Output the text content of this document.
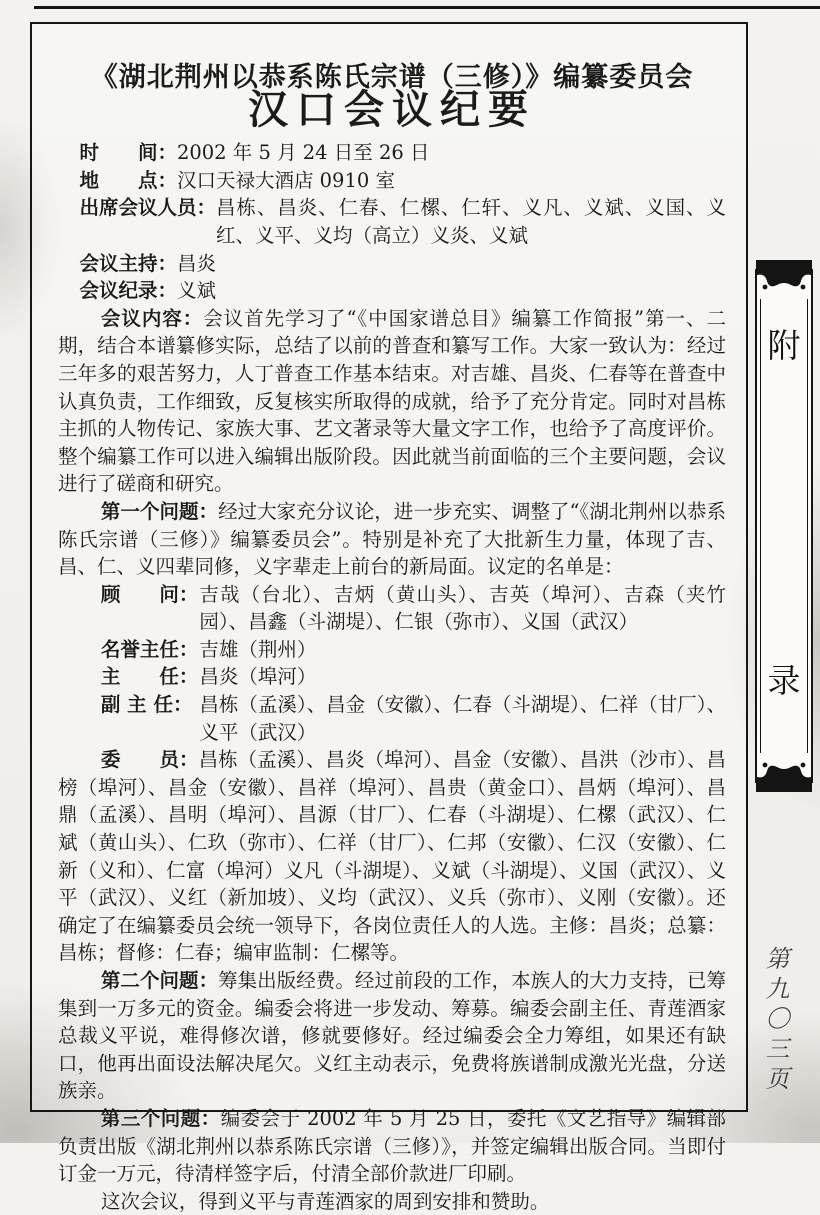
《湖北荆州以恭系陈氏宗谱（三修）》编纂委员会
汉口会议纪要
时　　间： 2002 年 5 月 24 日至 26 日
地　　点： 汉口天禄大酒店 0910 室
出席会议人员： 昌栋、昌炎、仁春、仁樏、仁轩、义凡、义斌、义国、义红、义平、义均（高立）义炎、义斌
会议主持： 昌炎
会议纪录： 义斌

会议内容：会议首先学习了“《中国家谱总目》编纂工作简报”第一、二期，结合本谱纂修实际，总结了以前的普查和纂写工作。大家一致认为：经过三年多的艰苦努力，人丁普查工作基本结束。对吉雄、昌炎、仁春等在普查中认真负责，工作细致，反复核实所取得的成就，给予了充分肯定。同时对昌栋主抓的人物传记、家族大事、艺文著录等大量文字工作，也给予了高度评价。整个编纂工作可以进入编辑出版阶段。因此就当前面临的三个主要问题，会议进行了磋商和研究。

第一个问题：经过大家充分议论，进一步充实、调整了“《湖北荆州以恭系陈氏宗谱（三修）》编纂委员会”。特别是补充了大批新生力量，体现了吉、昌、仁、义四辈同修，义字辈走上前台的新局面。议定的名单是：

顾　　问： 吉哉（台北）、吉炳（黄山头）、吉英（埠河）、吉森（夹竹园）、昌鑫（斗湖堤）、仁银（弥市）、义国（武汉）
名誉主任： 吉雄（荆州）
主　　任： 昌炎（埠河）
副 主 任： 昌栋（孟溪）、昌金（安徽）、仁春（斗湖堤）、仁祥（甘厂）、义平（武汉）

委　　员：昌栋（孟溪）、昌炎（埠河）、昌金（安徽）、昌洪（沙市）、昌榜（埠河）、昌金（安徽）、昌祥（埠河）、昌贵（黄金口）、昌炳（埠河）、昌鼎（孟溪）、昌明（埠河）、昌源（甘厂）、仁春（斗湖堤）、仁樏（武汉）、仁斌（黄山头）、仁玖（弥市）、仁祥（甘厂）、仁邦（安徽）、仁汉（安徽）、仁新（义和）、仁富（埠河）义凡（斗湖堤）、义斌（斗湖堤）、义国（武汉）、义平（武汉）、义红（新加坡）、义均（武汉）、义兵（弥市）、义刚（安徽）。还确定了在编纂委员会统一领导下，各岗位责任人的人选。主修：昌炎；总纂：昌栋；督修：仁春；编审监制：仁樏等。

第二个问题：筹集出版经费。经过前段的工作，本族人的大力支持，已筹集到一万多元的资金。编委会将进一步发动、筹募。编委会副主任、青莲酒家总裁义平说，难得修次谱，修就要修好。经过编委会全力筹组，如果还有缺口，他再出面设法解决尾欠。义红主动表示，免费将族谱制成激光光盘，分送族亲。

第三个问题：编委会于 2002 年 5 月 25 日，委托《文艺指导》编辑部负责出版《湖北荆州以恭系陈氏宗谱（三修）》，并签定编辑出版合同。当即付订金一万元，待清样签字后，付清全部价款进厂印刷。

这次会议，得到义平与青莲酒家的周到安排和赞助。

附
录
第九〇三页
